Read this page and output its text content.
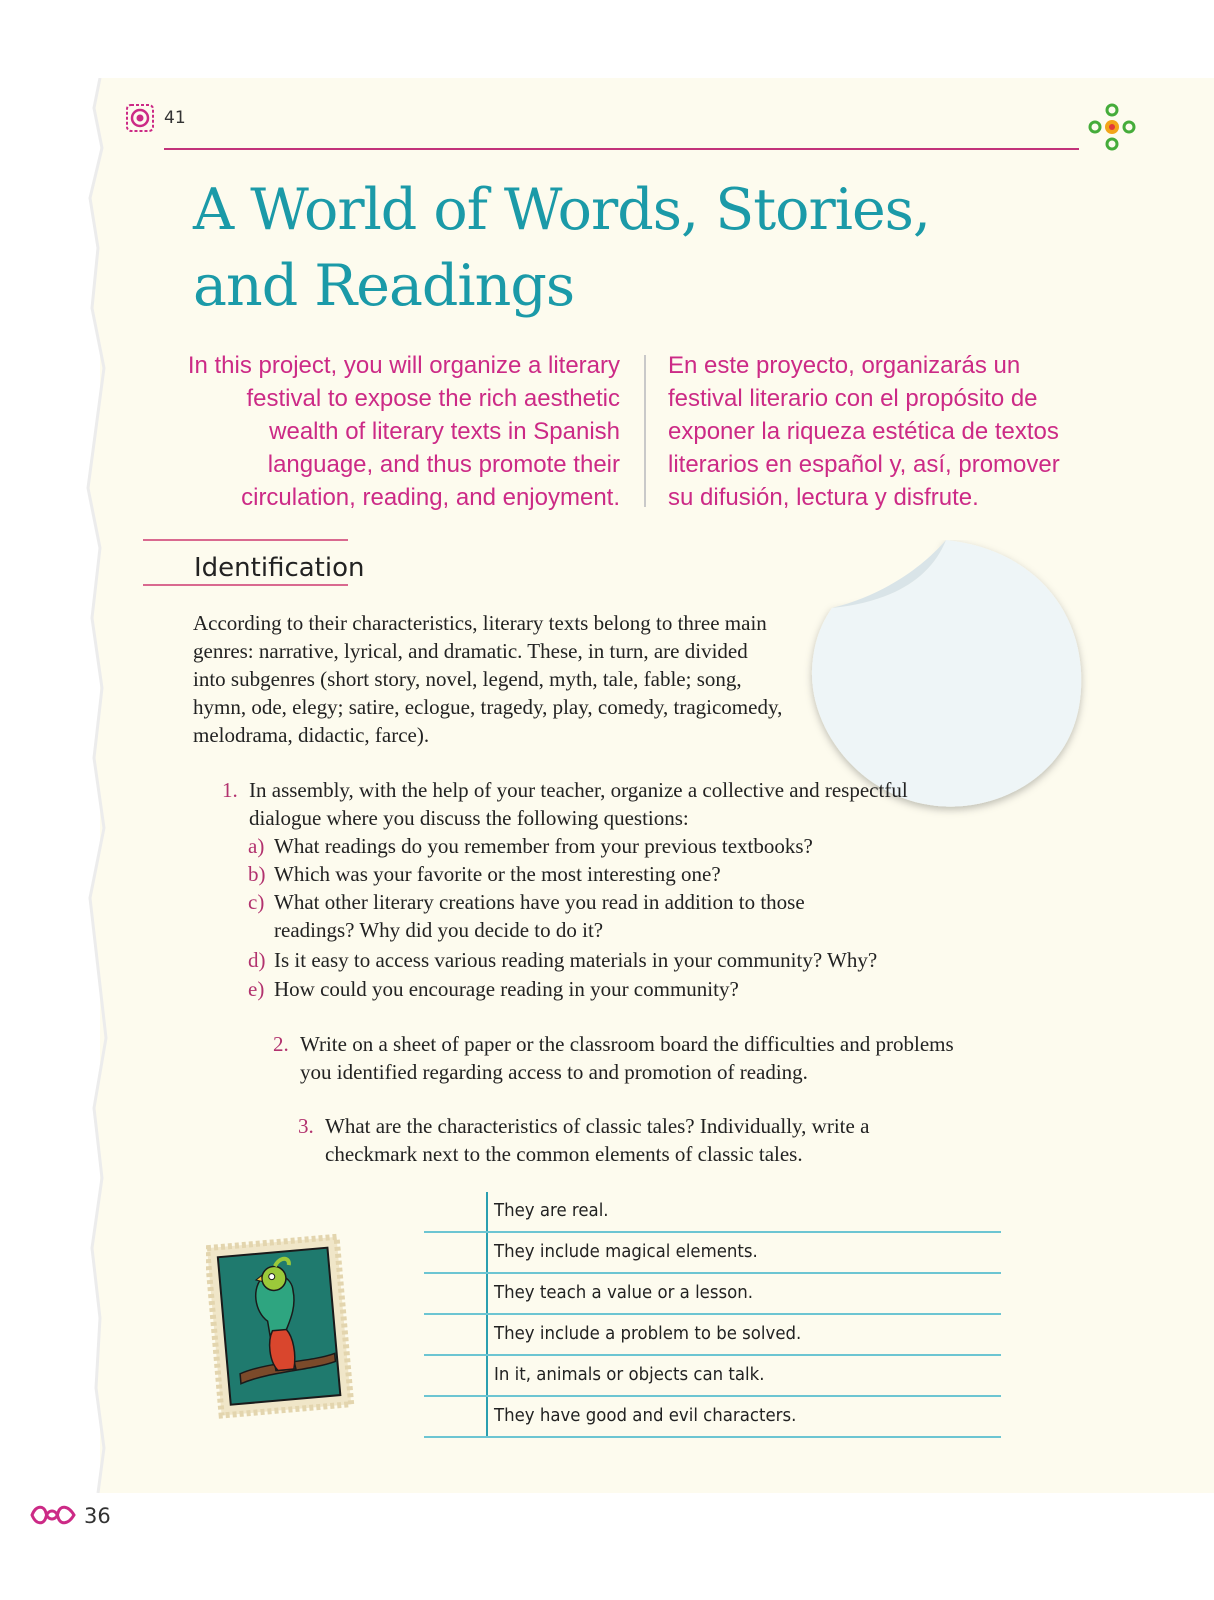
41
A World of Words, Stories,
and Readings

In this project, you will organize a literary festival to expose the rich aesthetic wealth of literary texts in Spanish language, and thus promote their circulation, reading, and enjoyment.

En este proyecto, organizarás un festival literario con el propósito de exponer la riqueza estética de textos literarios en español y, así, promover su difusión, lectura y disfrute.

Identification

According to their characteristics, literary texts belong to three main genres: narrative, lyrical, and dramatic. These, in turn, are divided into subgenres (short story, novel, legend, myth, tale, fable; song, hymn, ode, elegy; satire, eclogue, tragedy, play, comedy, tragicomedy, melodrama, didactic, farce).

1. In assembly, with the help of your teacher, organize a collective and respectful dialogue where you discuss the following questions:
a) What readings do you remember from your previous textbooks?
b) Which was your favorite or the most interesting one?
c) What other literary creations have you read in addition to those readings? Why did you decide to do it?
d) Is it easy to access various reading materials in your community? Why?
e) How could you encourage reading in your community?
2. Write on a sheet of paper or the classroom board the difficulties and problems you identified regarding access to and promotion of reading.
3. What are the characteristics of classic tales? Individually, write a checkmark next to the common elements of classic tales.
They are real.
They include magical elements.
They teach a value or a lesson.
They include a problem to be solved.
In it, animals or objects can talk.
They have good and evil characters.
36
